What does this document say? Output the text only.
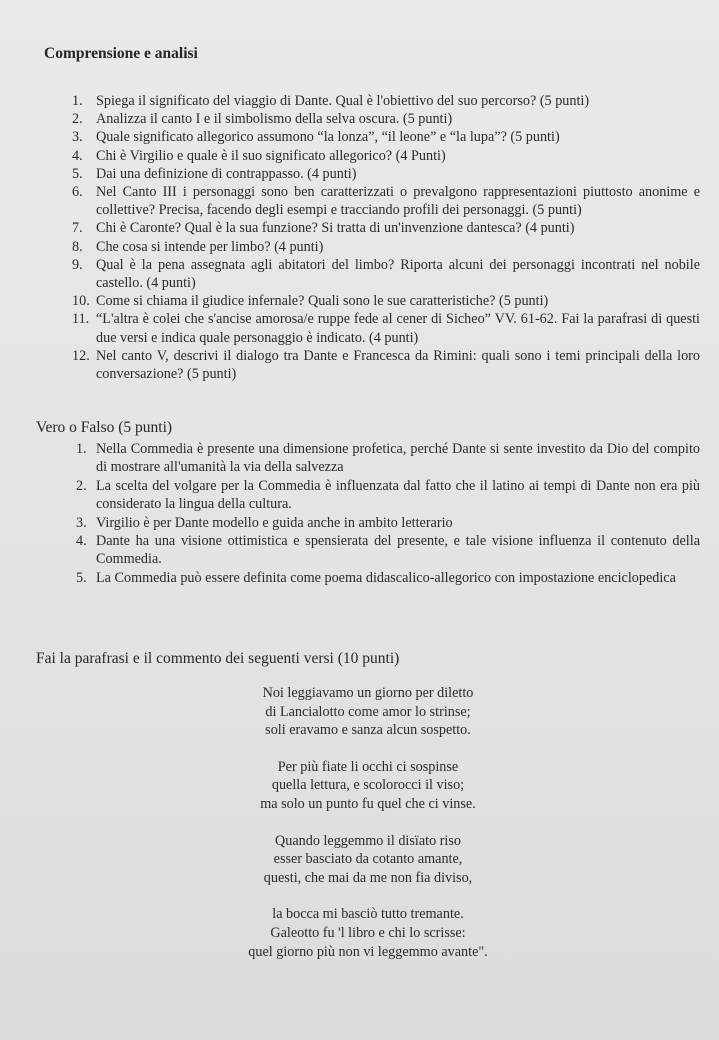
Comprensione e analisi
1. Spiega il significato del viaggio di Dante. Qual è l'obiettivo del suo percorso? (5 punti)
2. Analizza il canto I e il simbolismo della selva oscura. (5 punti)
3. Quale significato allegorico assumono “la lonza”, “il leone” e “la lupa”? (5 punti)
4. Chi è Virgilio e quale è il suo significato allegorico? (4 Punti)
5. Dai una definizione di contrappasso. (4 punti)
6. Nel Canto III i personaggi sono ben caratterizzati o prevalgono rappresentazioni piuttosto anonime e collettive? Precisa, facendo degli esempi e tracciando profili dei personaggi. (5 punti)
7. Chi è Caronte? Qual è la sua funzione? Si tratta di un'invenzione dantesca? (4 punti)
8. Che cosa si intende per limbo? (4 punti)
9. Qual è la pena assegnata agli abitatori del limbo? Riporta alcuni dei personaggi incontrati nel nobile castello. (4 punti)
10. Come si chiama il giudice infernale? Quali sono le sue caratteristiche? (5 punti)
11. “L'altra è colei che s'ancise amorosa/e ruppe fede al cener di Sicheo” VV. 61-62. Fai la parafrasi di questi due versi e indica quale personaggio è indicato. (4 punti)
12. Nel canto V, descrivi il dialogo tra Dante e Francesca da Rimini: quali sono i temi principali della loro conversazione? (5 punti)
Vero o Falso (5 punti)
1. Nella Commedia è presente una dimensione profetica, perché Dante si sente investito da Dio del compito di mostrare all'umanità la via della salvezza
2. La scelta del volgare per la Commedia è influenzata dal fatto che il latino ai tempi di Dante non era più considerato la lingua della cultura.
3. Virgilio è per Dante modello e guida anche in ambito letterario
4. Dante ha una visione ottimistica e spensierata del presente, e tale visione influenza il contenuto della Commedia.
5. La Commedia può essere definita come poema didascalico-allegorico con impostazione enciclopedica
Fai la parafrasi e il commento dei seguenti versi (10 punti)
Noi leggiavamo un giorno per diletto
di Lancialotto come amor lo strinse;
soli eravamo e sanza alcun sospetto.
Per più fiate li occhi ci sospinse
quella lettura, e scolorocci il viso;
ma solo un punto fu quel che ci vinse.
Quando leggemmo il disïato riso
esser basciato da cotanto amante,
questi, che mai da me non fia diviso,
la bocca mi basciò tutto tremante.
Galeotto fu 'l libro e chi lo scrisse:
quel giorno più non vi leggemmo avante".
